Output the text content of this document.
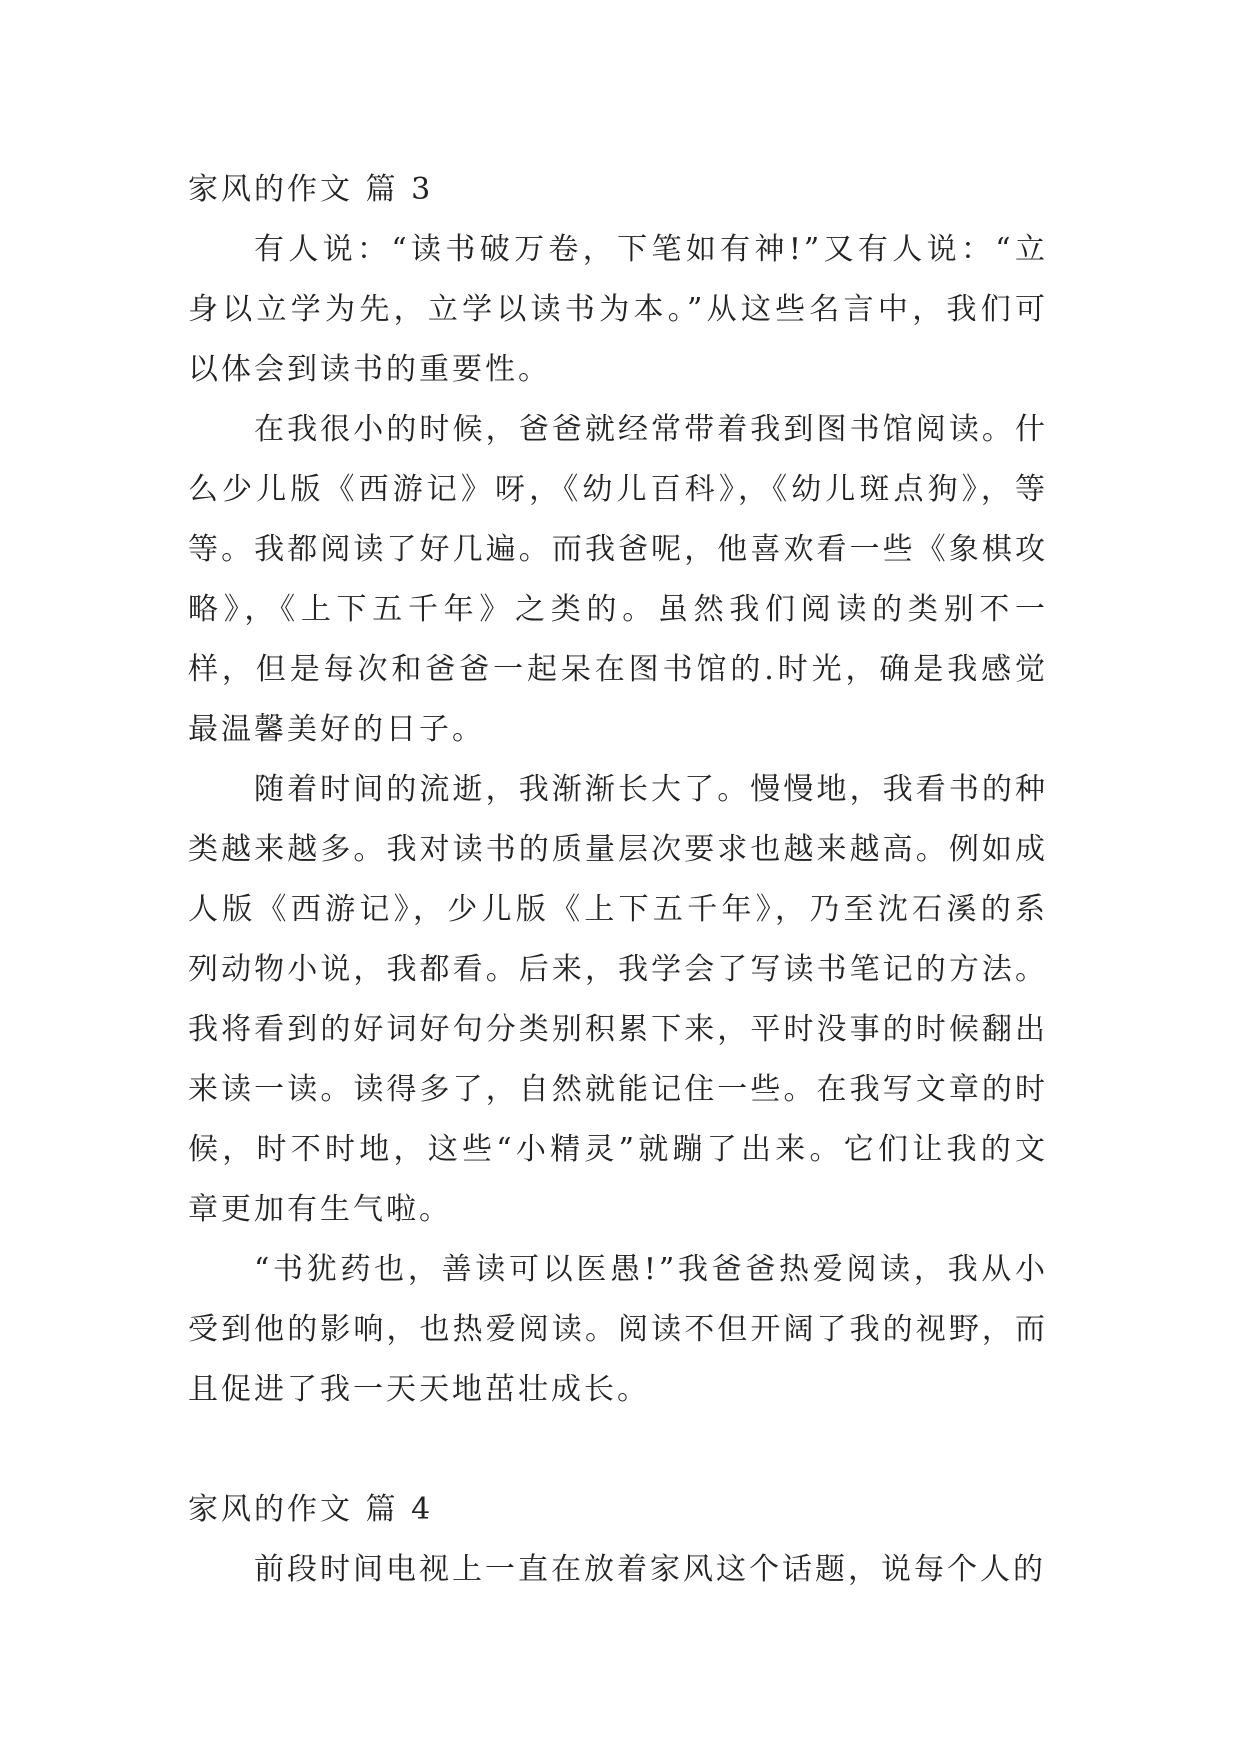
家风的作文 篇 3

有人说：“读书破万卷，下笔如有神!”又有人说：“立身以立学为先，立学以读书为本。”从这些名言中，我们可以体会到读书的重要性。

在我很小的时候，爸爸就经常带着我到图书馆阅读。什么少儿版《西游记》呀，《幼儿百科》，《幼儿斑点狗》，等等。我都阅读了好几遍。而我爸呢，他喜欢看一些《象棋攻略》，《上下五千年》之类的。虽然我们阅读的类别不一样，但是每次和爸爸一起呆在图书馆的.时光，确是我感觉最温馨美好的日子。

随着时间的流逝，我渐渐长大了。慢慢地，我看书的种类越来越多。我对读书的质量层次要求也越来越高。例如成人版《西游记》，少儿版《上下五千年》，乃至沈石溪的系列动物小说，我都看。后来，我学会了写读书笔记的方法。我将看到的好词好句分类别积累下来，平时没事的时候翻出来读一读。读得多了，自然就能记住一些。在我写文章的时候，时不时地，这些“小精灵”就蹦了出来。它们让我的文章更加有生气啦。

“书犹药也，善读可以医愚!”我爸爸热爱阅读，我从小受到他的影响，也热爱阅读。阅读不但开阔了我的视野，而且促进了我一天天地茁壮成长。

家风的作文 篇 4

前段时间电视上一直在放着家风这个话题，说每个人的
